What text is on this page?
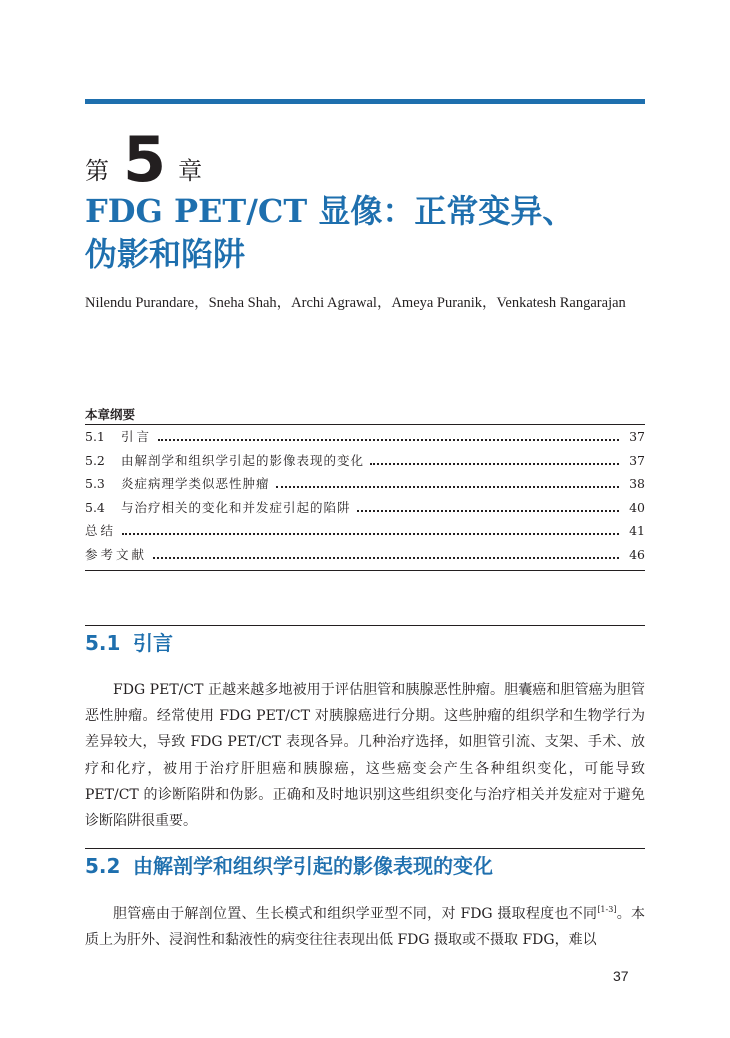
第 5 章
FDG PET/CT 显像：正常变异、
伪影和陷阱
Nilendu Purandare，Sneha Shah，Archi Agrawal，Ameya Puranik，Venkatesh Rangarajan
本章纲要
5.1	引言	37
5.2	由解剖学和组织学引起的影像表现的变化	37
5.3	炎症病理学类似恶性肿瘤	38
5.4	与治疗相关的变化和并发症引起的陷阱	40
总结	41
参考文献	46
5.1 引言

FDG PET/CT 正越来越多地被用于评估胆管和胰腺恶性肿瘤。胆囊癌和胆管癌为胆管恶性肿瘤。经常使用 FDG PET/CT 对胰腺癌进行分期。这些肿瘤的组织学和生物学行为差异较大，导致 FDG PET/CT 表现各异。几种治疗选择，如胆管引流、支架、手术、放疗和化疗，被用于治疗肝胆癌和胰腺癌，这些癌变会产生各种组织变化，可能导致 PET/CT 的诊断陷阱和伪影。正确和及时地识别这些组织变化与治疗相关并发症对于避免诊断陷阱很重要。

5.2 由解剖学和组织学引起的影像表现的变化

胆管癌由于解剖位置、生长模式和组织学亚型不同，对 FDG 摄取程度也不同[1-3]。本质上为肝外、浸润性和黏液性的病变往往表现出低 FDG 摄取或不摄取 FDG，难以

37
